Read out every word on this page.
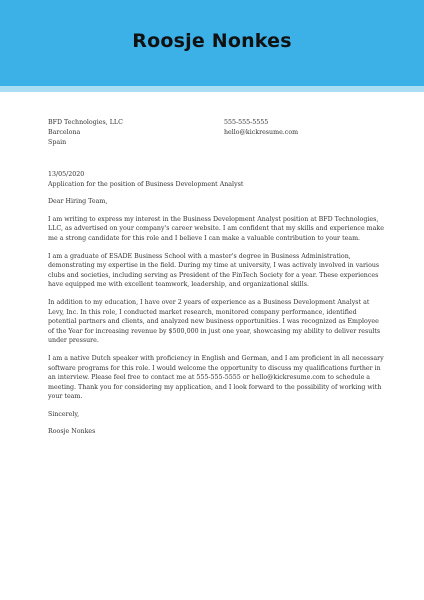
Roosje Nonkes
BFD Technologies, LLC
Barcelona
Spain
555-555-5555
hello@kickresume.com

13/05/2020

Application for the position of Business Development Analyst

Dear Hiring Team,

I am writing to express my interest in the Business Development Analyst position at BFD Technologies, LLC, as advertised on your company's career website. I am confident that my skills and experience make me a strong candidate for this role and I believe I can make a valuable contribution to your team.

I am a graduate of ESADE Business School with a master's degree in Business Administration, demonstrating my expertise in the field. During my time at university, I was actively involved in various clubs and societies, including serving as President of the FinTech Society for a year. These experiences have equipped me with excellent teamwork, leadership, and organizational skills.

In addition to my education, I have over 2 years of experience as a Business Development Analyst at Levy, Inc. In this role, I conducted market research, monitored company performance, identified potential partners and clients, and analyzed new business opportunities. I was recognized as Employee of the Year for increasing revenue by $500,000 in just one year, showcasing my ability to deliver results under pressure.

I am a native Dutch speaker with proficiency in English and German, and I am proficient in all necessary software programs for this role. I would welcome the opportunity to discuss my qualifications further in an interview. Please feel free to contact me at 555-555-5555 or hello@kickresume.com to schedule a meeting. Thank you for considering my application, and I look forward to the possibility of working with your team.

Sincerely,

Roosje Nonkes
